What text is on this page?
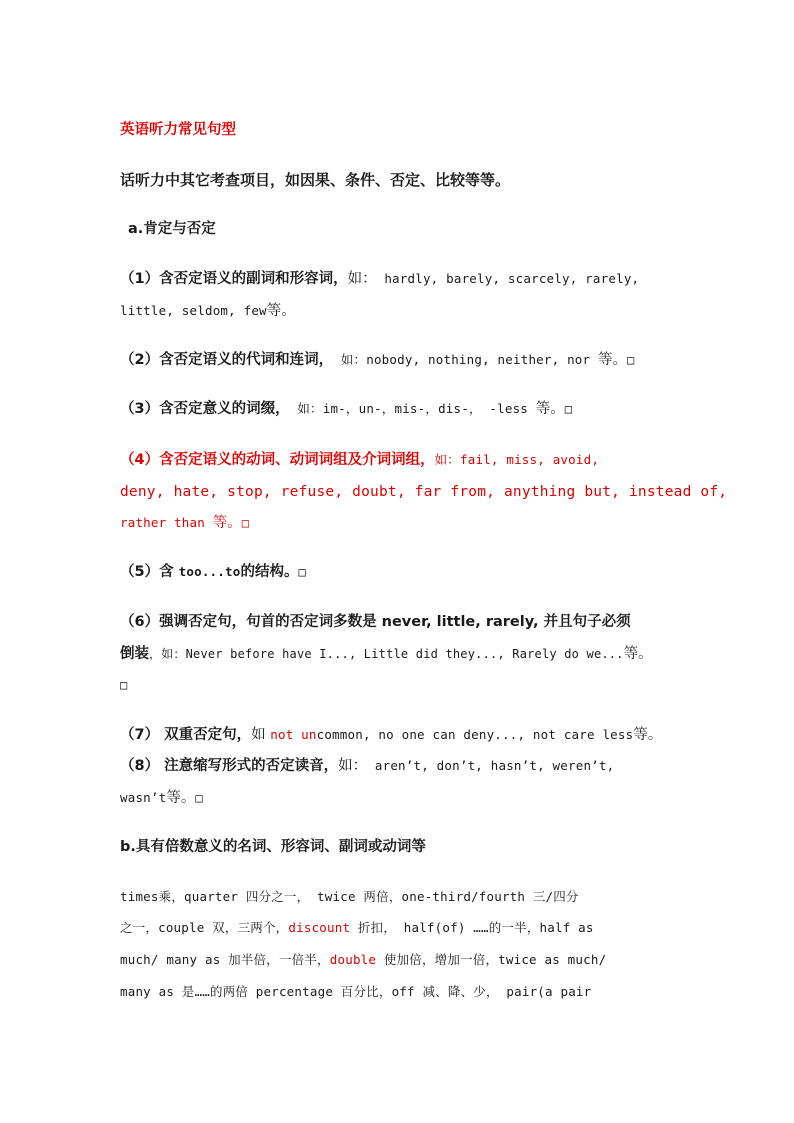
英语听力常见句型
话听力中其它考查项目，如因果、条件、否定、比较等等。
a.肯定与否定
（1）含否定语义的副词和形容词，如： hardly, barely, scarcely, rarely,
little, seldom, few等。
（2）含否定语义的代词和连词， 如：nobody, nothing, neither, nor 等。□
（3）含否定意义的词缀， 如：im-，un-，mis-，dis-， -less 等。□
（4）含否定语义的动词、动词词组及介词词组，如：fail, miss, avoid,
deny, hate, stop, refuse, doubt, far from, anything but, instead of,
rather than 等。□
（5）含 too...to的结构。□
（6）强调否定句，句首的否定词多数是 never, little, rarely, 并且句子必须
倒装，如：Never before have I..., Little did they..., Rarely do we...等。
□
（7） 双重否定句，如 not uncommon, no one can deny..., not care less等。
（8） 注意缩写形式的否定读音，如： aren’t, don’t, hasn’t, weren’t,
wasn’t等。□
b.具有倍数意义的名词、形容词、副词或动词等
times乘，quarter 四分之一， twice 两倍，one-third/fourth 三/四分
之一，couple 双，三两个，discount 折扣， half(of) ……的一半，half as
much/ many as 加半倍，一倍半，double 使加倍，增加一倍，twice as much/
many as 是……的两倍 percentage 百分比，off 减、降、少， pair(a pair
